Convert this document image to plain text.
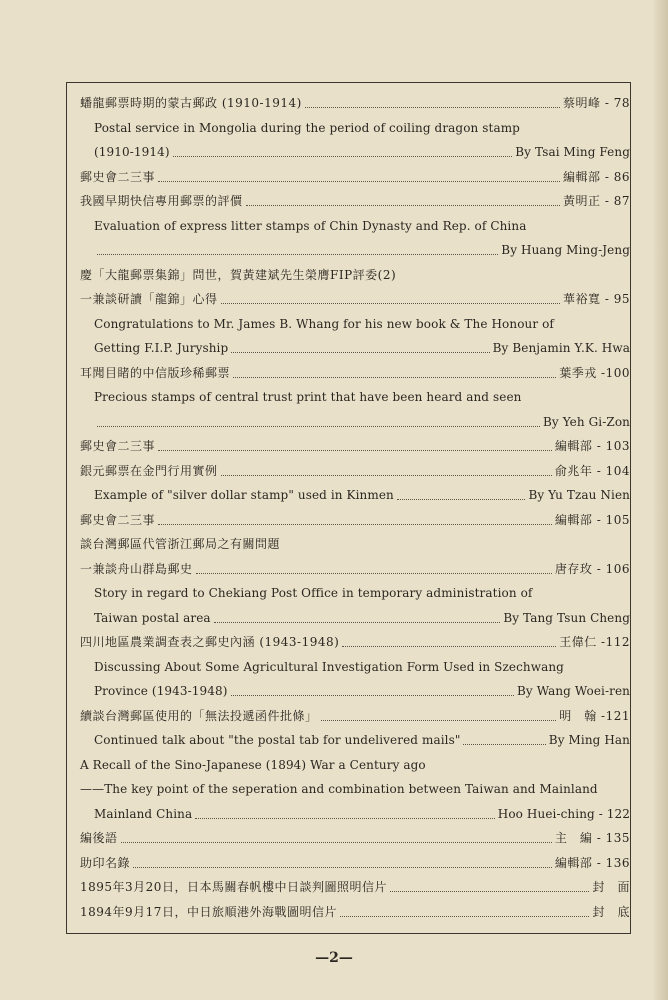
蟠龍郵票時期的蒙古郵政 (1910-1914)	蔡明峰 - 78
Postal service in Mongolia during the period of coiling dragon stamp
(1910-1914)	By Tsai Ming Feng
郵史會二三事	編輯部 - 86
我國早期快信專用郵票的評價	黃明正 - 87
Evaluation of express litter stamps of Chin Dynasty and Rep. of China
By Huang Ming-Jeng
慶「大龍郵票集錦」問世，賀黃建斌先生榮膺FIP評委(2)
一兼談研讀「龍錦」心得	華裕寬 - 95
Congratulations to Mr. James B. Whang for his new book & The Honour of
Getting F.I.P. Juryship	By Benjamin Y.K. Hwa
耳聞目睹的中信版珍稀郵票	葉季戎 -100
Precious stamps of central trust print that have been heard and seen
By Yeh Gi-Zon
郵史會二三事	編輯部 - 103
銀元郵票在金門行用實例	俞兆年 - 104
Example of "silver dollar stamp" used in Kinmen	By Yu Tzau Nien
郵史會二三事	編輯部 - 105
談台灣郵區代管浙江郵局之有關問題
一兼談舟山群島郵史	唐存玫 - 106
Story in regard to Chekiang Post Office in temporary administration of
Taiwan postal area	By Tang Tsun Cheng
四川地區農業調查表之郵史內涵 (1943-1948)	王偉仁 -112
Discussing About Some Agricultural Investigation Form Used in Szechwang
Province (1943-1948)	By Wang Woei-ren
續談台灣郵區使用的「無法投遞函件批條」	明　翰 -121
Continued talk about "the postal tab for undelivered mails"	By Ming Han
A Recall of the Sino-Japanese (1894) War a Century ago
——The key point of the seperation and combination between Taiwan and Mainland
Mainland China	Hoo Huei-ching - 122
編後語	主　編 - 135
助印名錄	編輯部 - 136
1895年3月20日，日本馬關春帆樓中日談判圖照明信片	封　面
1894年9月17日，中日旅順港外海戰圖明信片	封　底
—2—
